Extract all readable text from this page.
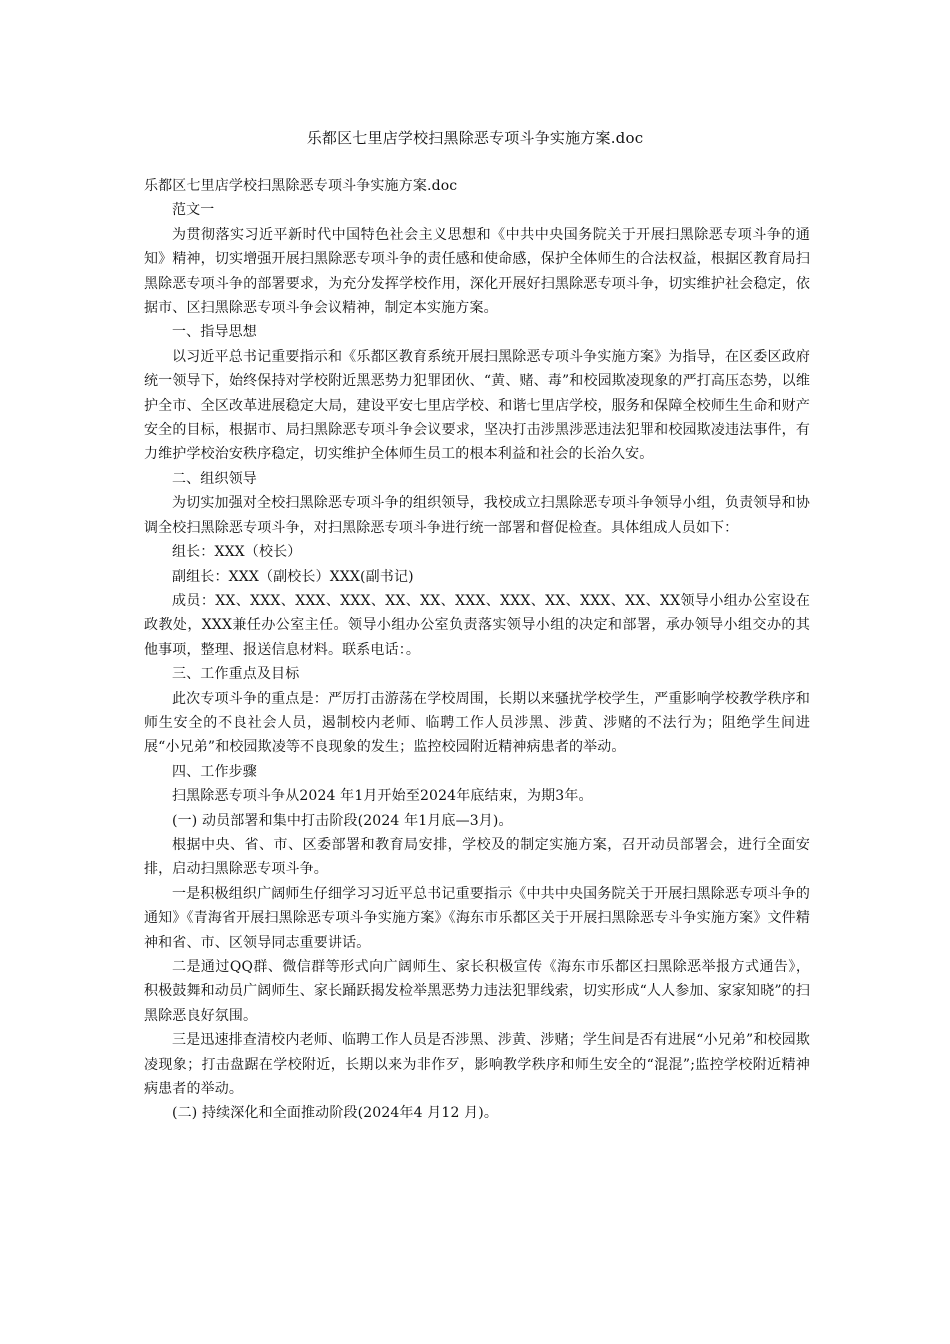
乐都区七里店学校扫黑除恶专项斗争实施方案.doc

乐都区七里店学校扫黑除恶专项斗争实施方案.doc

范文一

为贯彻落实习近平新时代中国特色社会主义思想和《中共中央国务院关于开展扫黑除恶专项斗争的通知》精神，切实增强开展扫黑除恶专项斗争的责任感和使命感，保护全体师生的合法权益，根据区教育局扫黑除恶专项斗争的部署要求，为充分发挥学校作用，深化开展好扫黑除恶专项斗争，切实维护社会稳定，依据市、区扫黑除恶专项斗争会议精神，制定本实施方案。

一、指导思想

以习近平总书记重要指示和《乐都区教育系统开展扫黑除恶专项斗争实施方案》为指导，在区委区政府统一领导下，始终保持对学校附近黑恶势力犯罪团伙、“黄、赌、毒”和校园欺凌现象的严打高压态势，以维护全市、全区改革进展稳定大局，建设平安七里店学校、和谐七里店学校，服务和保障全校师生生命和财产安全的目标，根据市、局扫黑除恶专项斗争会议要求，坚决打击涉黑涉恶违法犯罪和校园欺凌违法事件，有力维护学校治安秩序稳定，切实维护全体师生员工的根本利益和社会的长治久安。

二、组织领导

为切实加强对全校扫黑除恶专项斗争的组织领导，我校成立扫黑除恶专项斗争领导小组，负责领导和协调全校扫黑除恶专项斗争，对扫黑除恶专项斗争进行统一部署和督促检查。具体组成人员如下：

组长：XXX（校长）

副组长：XXX（副校长）XXX(副书记)

成员：XX、XXX、XXX、XXX、XX、XX、XXX、XXX、XX、XXX、XX、XX领导小组办公室设在政教处，XXX兼任办公室主任。领导小组办公室负责落实领导小组的决定和部署，承办领导小组交办的其他事项，整理、报送信息材料。联系电话：。

三、工作重点及目标

此次专项斗争的重点是：严厉打击游荡在学校周围，长期以来骚扰学校学生，严重影响学校教学秩序和师生安全的不良社会人员，遏制校内老师、临聘工作人员涉黑、涉黄、涉赌的不法行为；阻绝学生间进展“小兄弟”和校园欺凌等不良现象的发生；监控校园附近精神病患者的举动。

四、工作步骤

扫黑除恶专项斗争从2024 年1月开始至2024年底结束，为期3年。

(一) 动员部署和集中打击阶段(2024 年1月底—3月)。

根据中央、省、市、区委部署和教育局安排，学校及的制定实施方案，召开动员部署会，进行全面安排，启动扫黑除恶专项斗争。

一是积极组织广阔师生仔细学习习近平总书记重要指示《中共中央国务院关于开展扫黑除恶专项斗争的通知》《青海省开展扫黑除恶专项斗争实施方案》《海东市乐都区关于开展扫黑除恶专斗争实施方案》文件精神和省、市、区领导同志重要讲话。

二是通过QQ群、微信群等形式向广阔师生、家长积极宣传《海东市乐都区扫黑除恶举报方式通告》，积极鼓舞和动员广阔师生、家长踊跃揭发检举黑恶势力违法犯罪线索，切实形成“人人参加、家家知晓”的扫黑除恶良好氛围。

三是迅速排查清校内老师、临聘工作人员是否涉黑、涉黄、涉赌；学生间是否有进展“小兄弟”和校园欺凌现象；打击盘踞在学校附近，长期以来为非作歹，影响教学秩序和师生安全的“混混”;监控学校附近精神病患者的举动。

(二) 持续深化和全面推动阶段(2024年4 月12 月)。
